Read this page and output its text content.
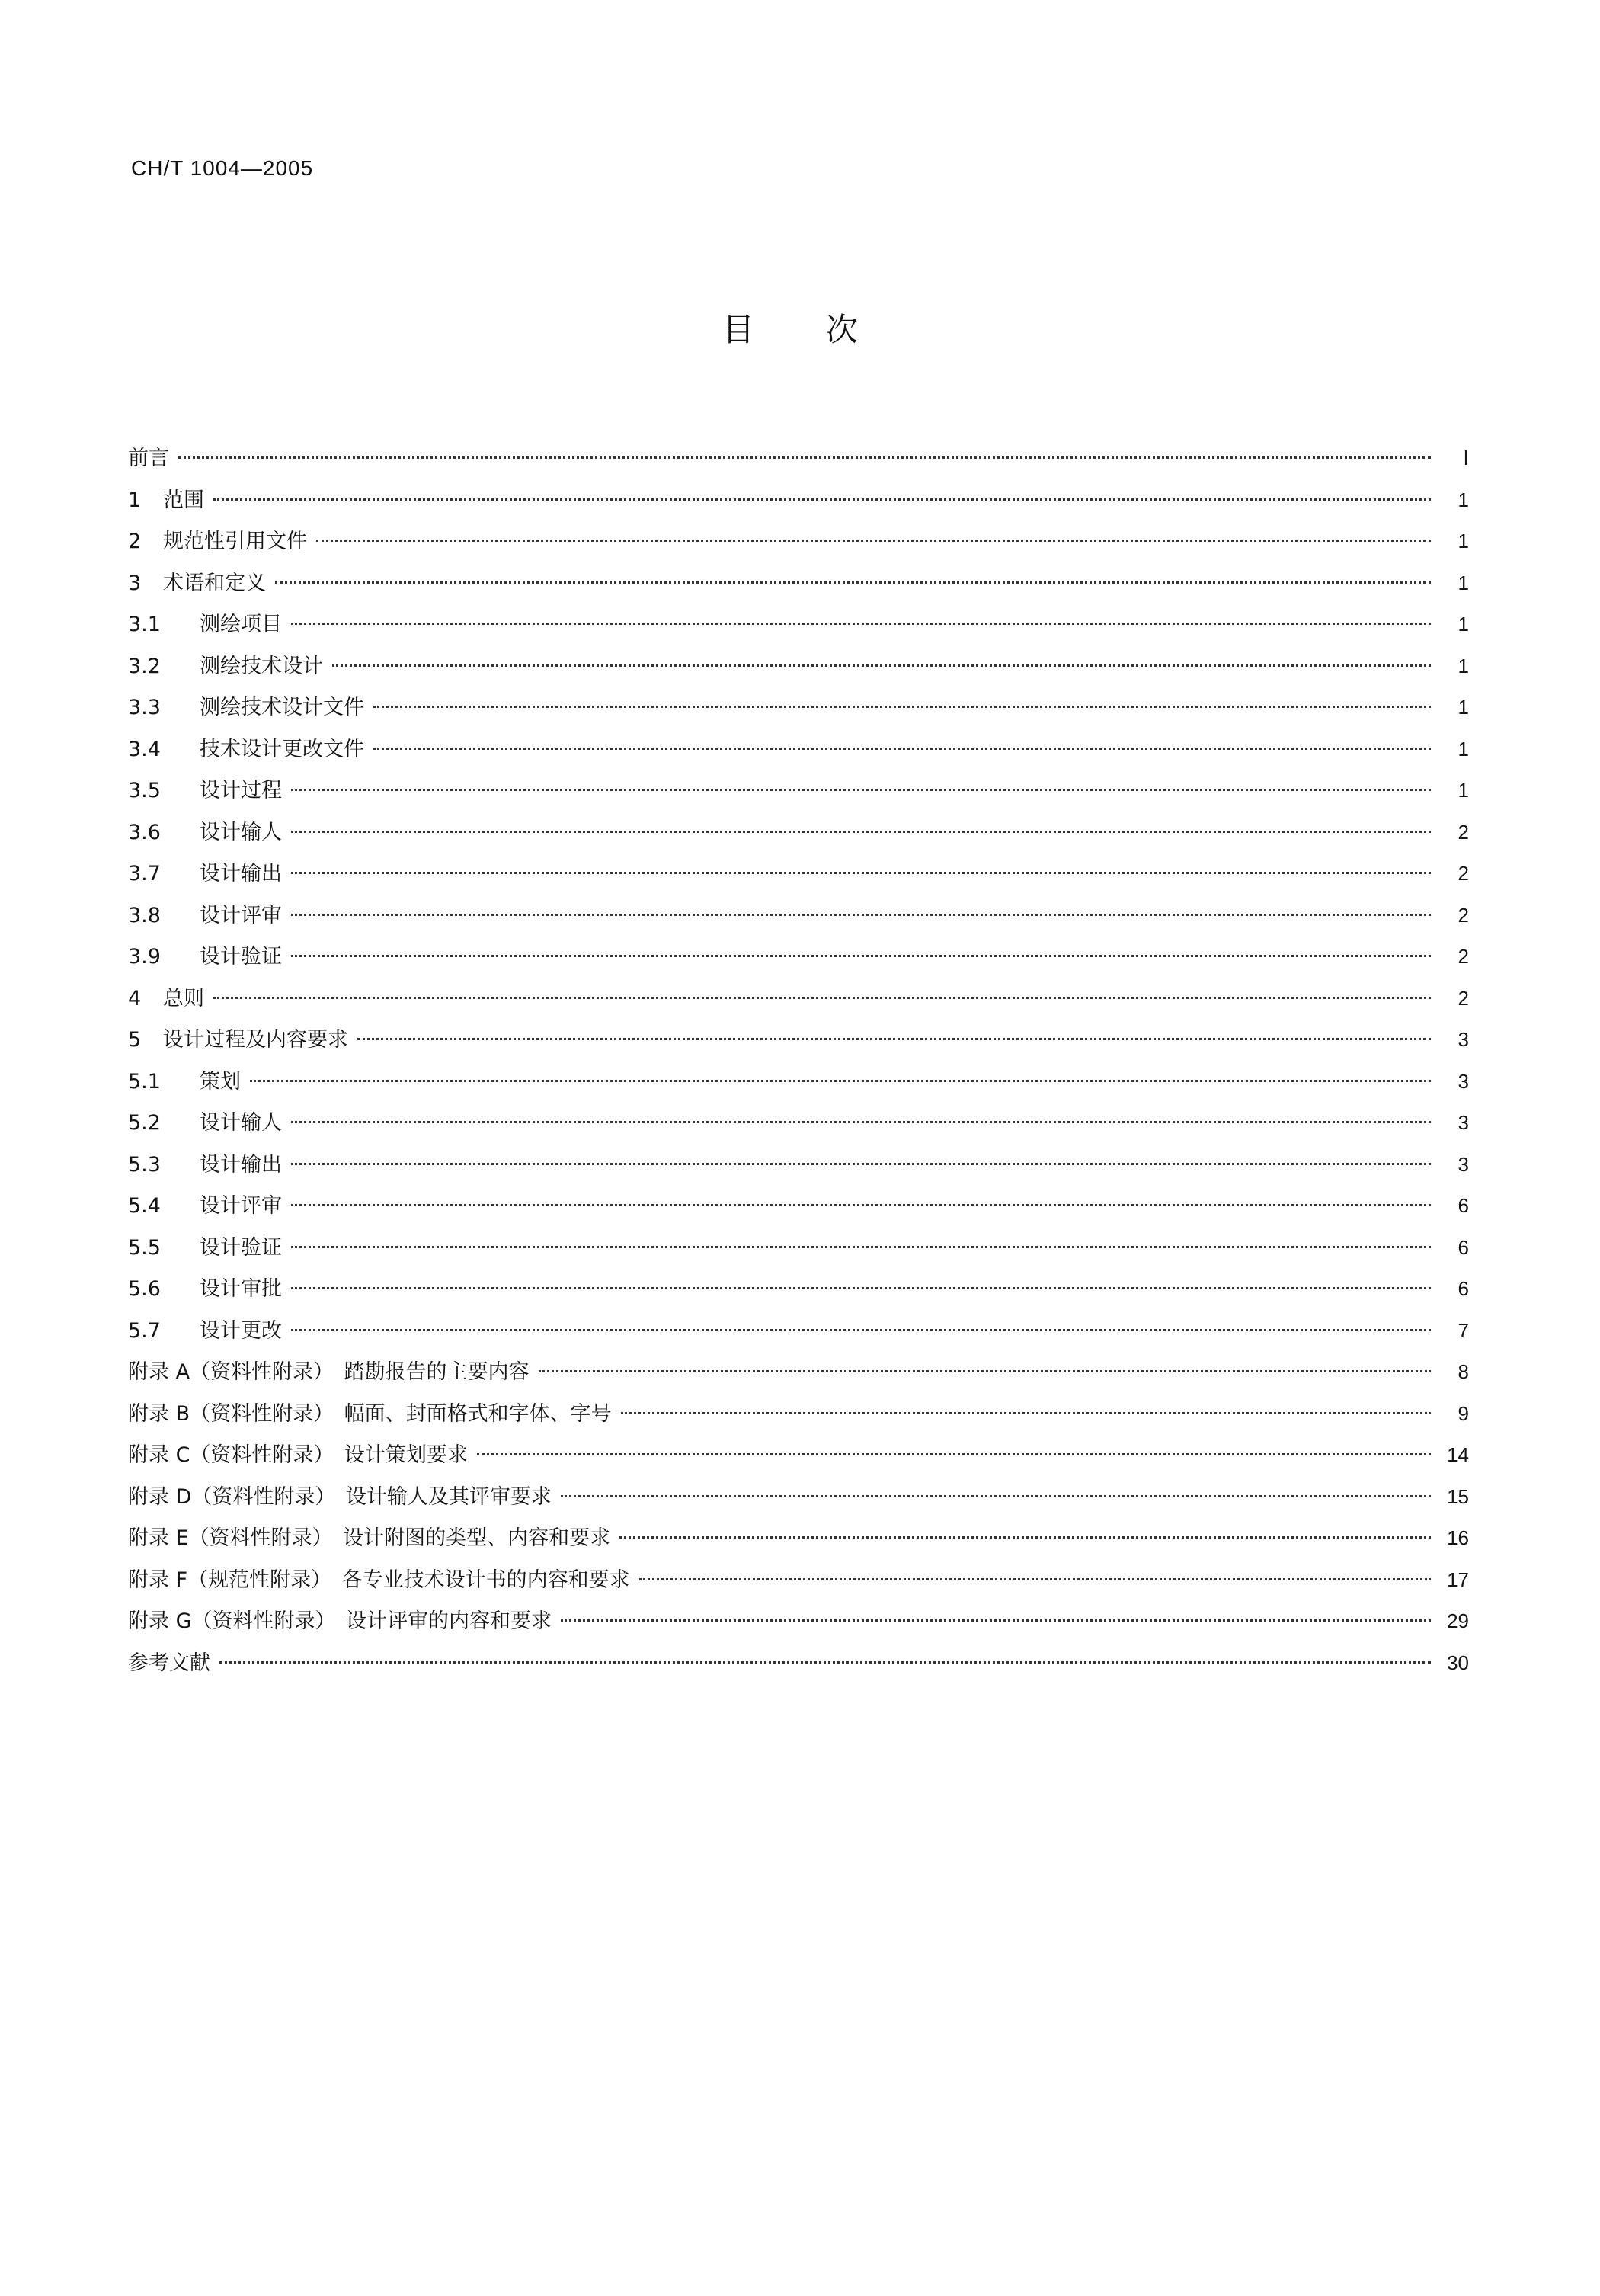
CH/T 1004—2005
目　次
前言	Ⅰ
1	范围	1
2	规范性引用文件	1
3	术语和定义	1
3.1	测绘项目	1
3.2	测绘技术设计	1
3.3	测绘技术设计文件	1
3.4	技术设计更改文件	1
3.5	设计过程	1
3.6	设计输人	2
3.7	设计输出	2
3.8	设计评审	2
3.9	设计验证	2
4	总则	2
5	设计过程及内容要求	3
5.1	策划	3
5.2	设计输人	3
5.3	设计输出	3
5.4	设计评审	6
5.5	设计验证	6
5.6	设计审批	6
5.7	设计更改	7
附录 A（资料性附录）　踏勘报告的主要内容	8
附录 B（资料性附录）　幅面、封面格式和字体、字号	9
附录 C（资料性附录）　设计策划要求	14
附录 D（资料性附录）　设计输人及其评审要求	15
附录 E（资料性附录）　设计附图的类型、内容和要求	16
附录 F（规范性附录）　各专业技术设计书的内容和要求	17
附录 G（资料性附录）　设计评审的内容和要求	29
参考文献	30
